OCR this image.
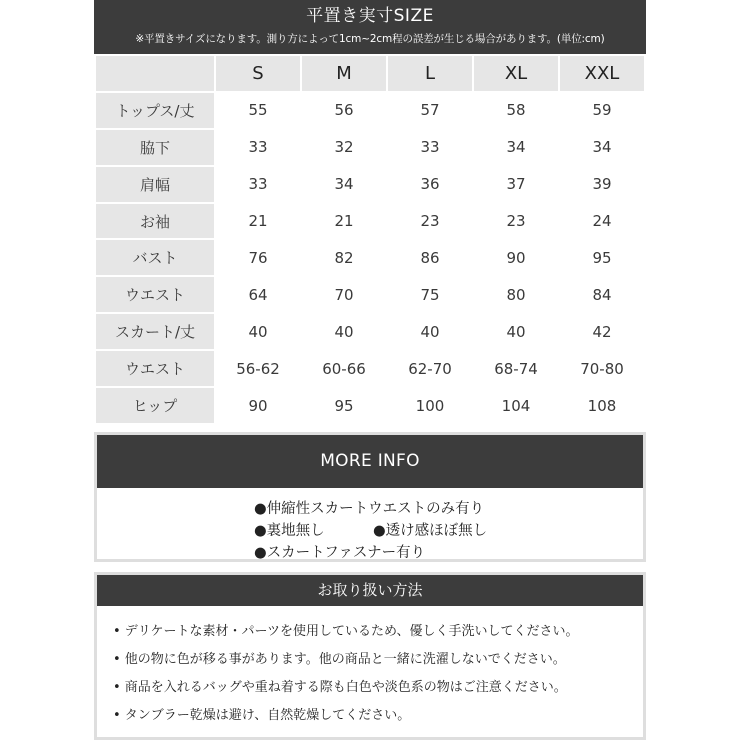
平置き実寸SIZE
※平置きサイズになります。測り方によって1cm~2cm程の誤差が生じる場合があります。(単位:cm)
	S	M	L	XL	XXL
トップス/丈	55	56	57	58	59
脇下	33	32	33	34	34
肩幅	33	34	36	37	39
お袖	21	21	23	23	24
バスト	76	82	86	90	95
ウエスト	64	70	75	80	84
スカート/丈	40	40	40	40	42
ウエスト	56-62	60-66	62-70	68-74	70-80
ヒップ	90	95	100	104	108
MORE INFO
●伸縮性スカートウエストのみ有り
●裏地無し	●透け感ほぼ無し
●スカートファスナー有り
お取り扱い方法
• デリケートな素材・パーツを使用しているため、優しく手洗いしてください。
• 他の物に色が移る事があります。他の商品と一緒に洗濯しないでください。
• 商品を入れるバッグや重ね着する際も白色や淡色系の物はご注意ください。
• タンブラー乾燥は避け、自然乾燥してください。
